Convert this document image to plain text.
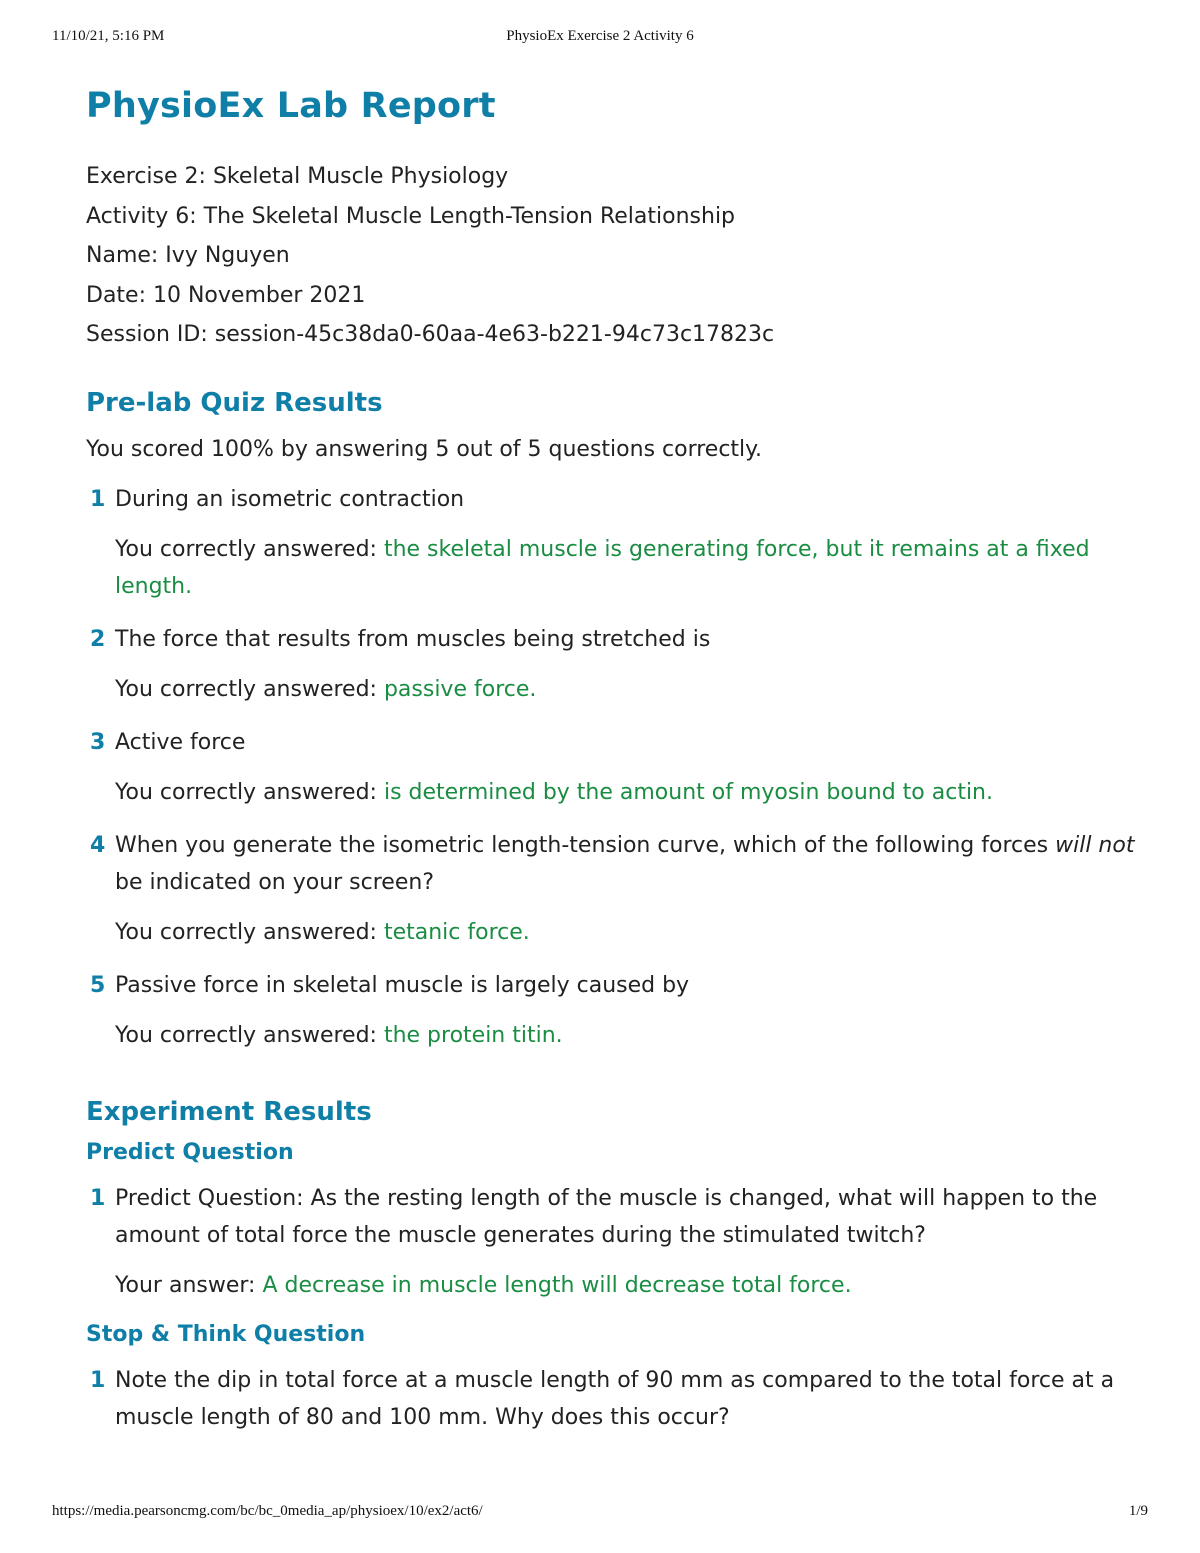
11/10/21, 5:16 PM	PhysioEx Exercise 2 Activity 6
PhysioEx Lab Report
Exercise 2: Skeletal Muscle Physiology
Activity 6: The Skeletal Muscle Length-Tension Relationship
Name: Ivy Nguyen
Date: 10 November 2021
Session ID: session-45c38da0-60aa-4e63-b221-94c73c17823c
Pre-lab Quiz Results
You scored 100% by answering 5 out of 5 questions correctly.
1 During an isometric contraction
You correctly answered: the skeletal muscle is generating force, but it remains at a fixed length.
2 The force that results from muscles being stretched is
You correctly answered: passive force.
3 Active force
You correctly answered: is determined by the amount of myosin bound to actin.
4 When you generate the isometric length-tension curve, which of the following forces will not be indicated on your screen?
You correctly answered: tetanic force.
5 Passive force in skeletal muscle is largely caused by
You correctly answered: the protein titin.
Experiment Results
Predict Question
1 Predict Question: As the resting length of the muscle is changed, what will happen to the amount of total force the muscle generates during the stimulated twitch?
Your answer: A decrease in muscle length will decrease total force.
Stop & Think Question
1 Note the dip in total force at a muscle length of 90 mm as compared to the total force at a muscle length of 80 and 100 mm. Why does this occur?
https://media.pearsoncmg.com/bc/bc_0media_ap/physioex/10/ex2/act6/	1/9
